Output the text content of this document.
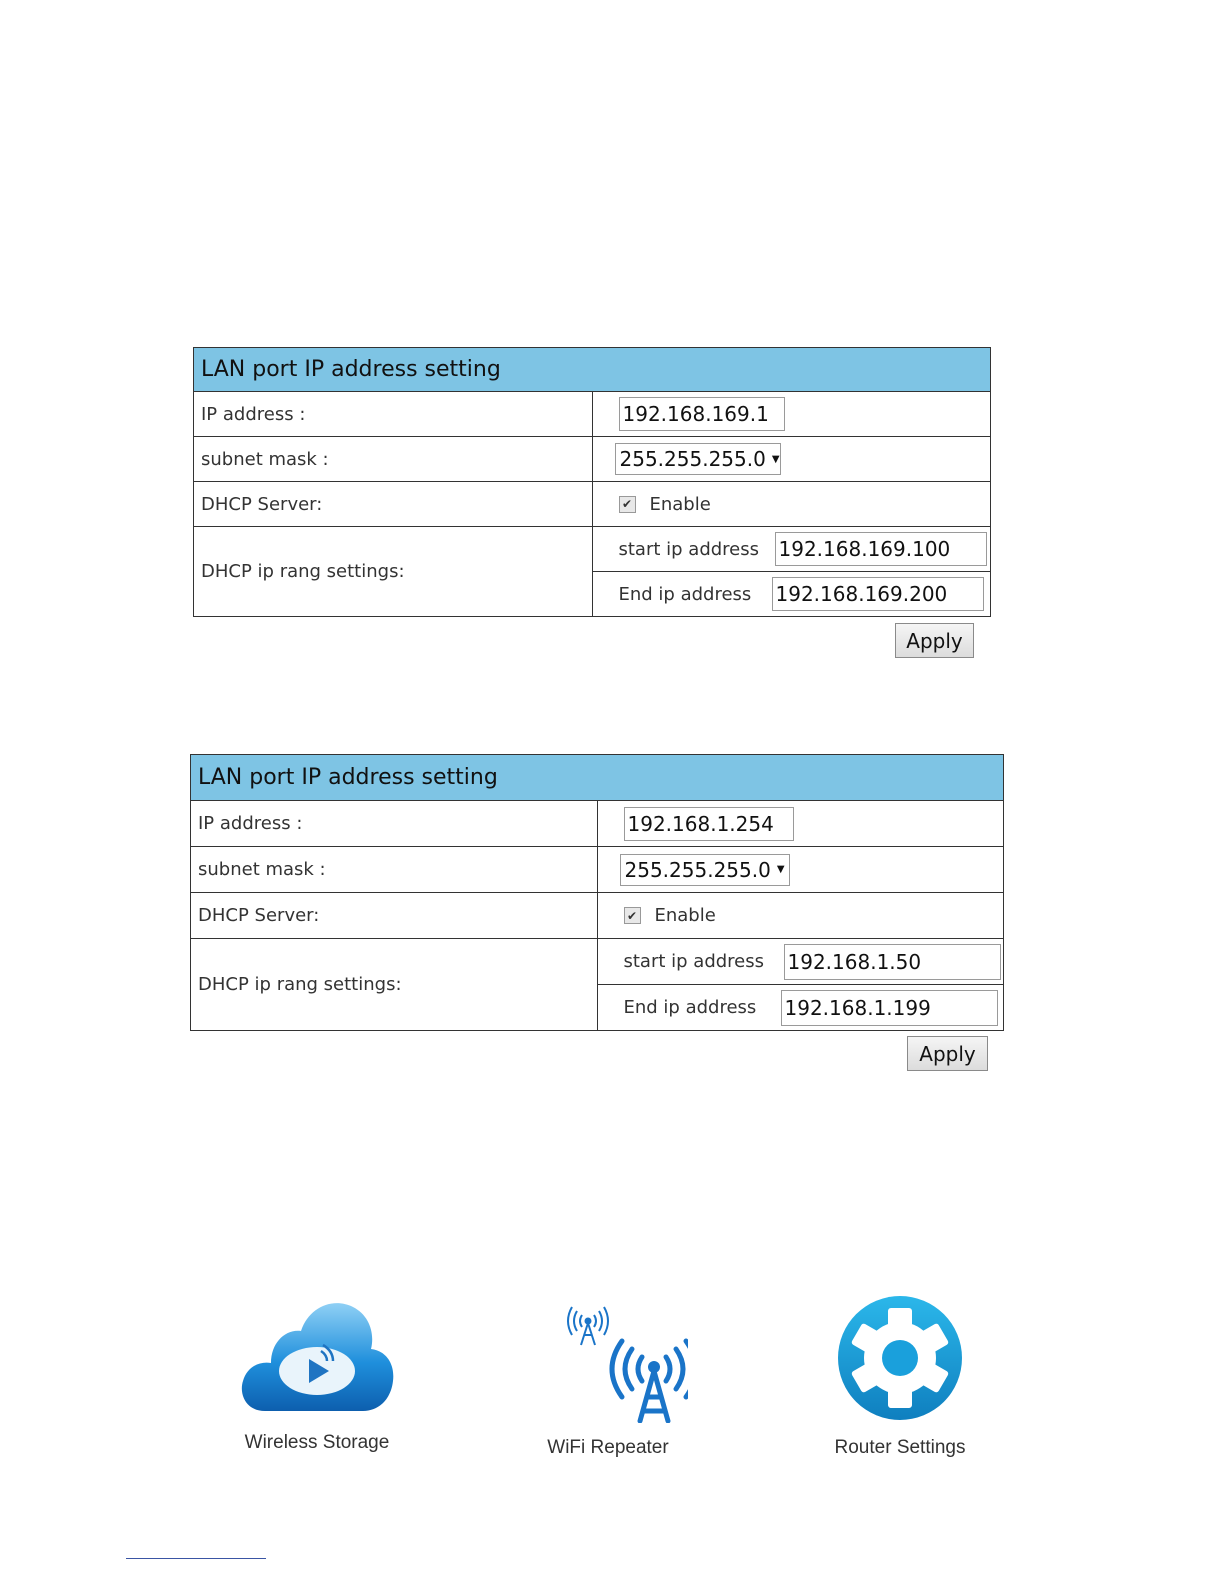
LAN port IP address setting	
IP address :	192.168.169.1

subnet mask :	255.255.255.0 ▼

DHCP Server:	✔ Enable

DHCP ip rang settings:	start ip address 192.168.169.100
End ip address 192.168.169.200
Apply
LAN port IP address setting	
IP address :	192.168.1.254

subnet mask :	255.255.255.0 ▼

DHCP Server:	✔ Enable

DHCP ip rang settings:	start ip address 192.168.1.50
End ip address 192.168.1.199
Apply
Wireless Storage	WiFi Repeater	Router Settings
